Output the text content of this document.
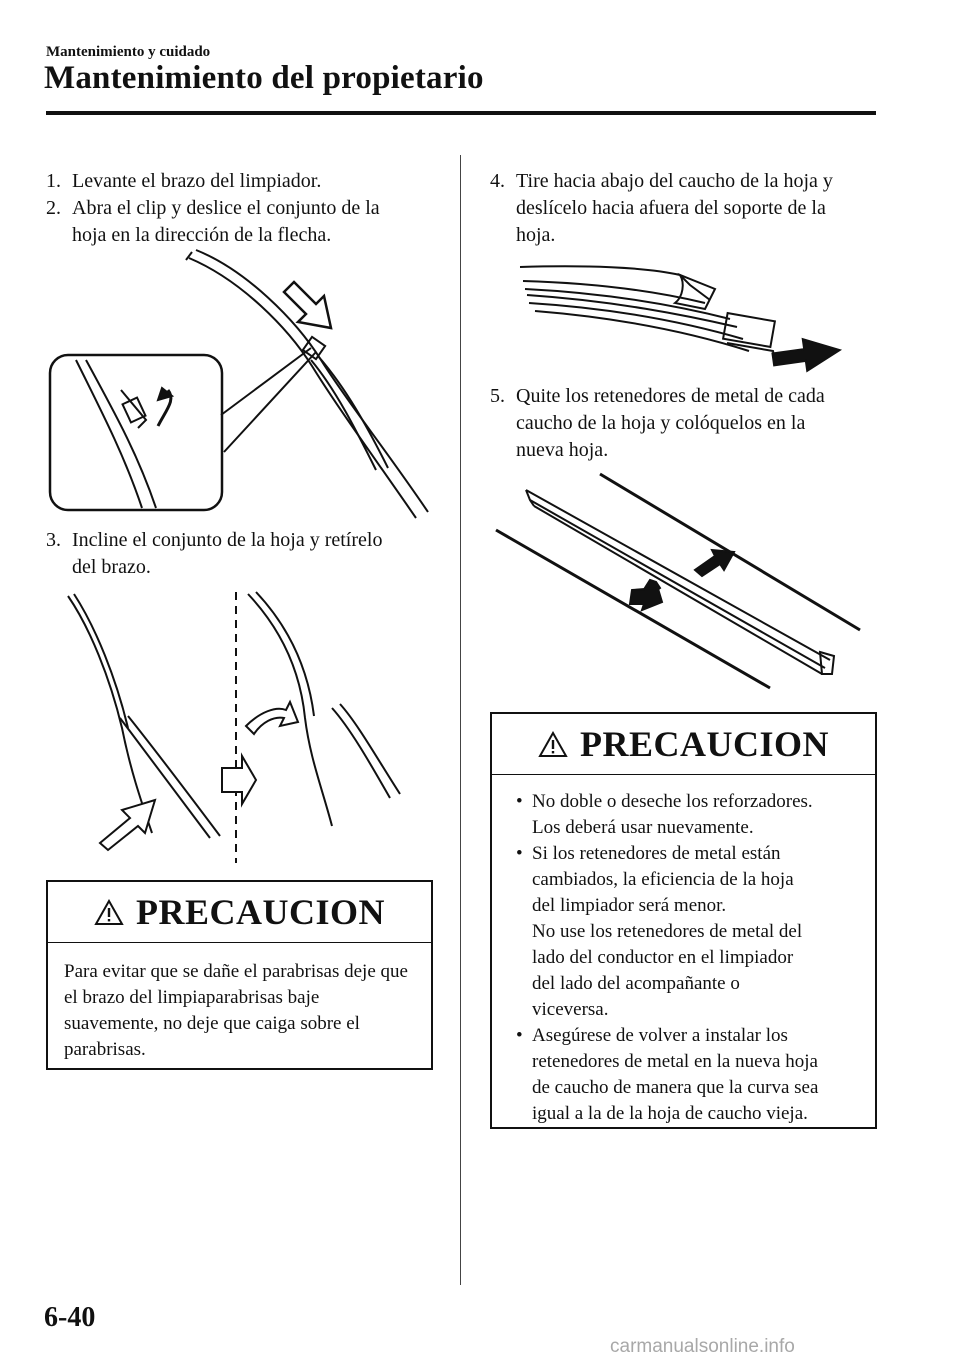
Mantenimiento y cuidado
Mantenimiento del propietario
1. Levante el brazo del limpiador.
2. Abra el clip y deslice el conjunto de la
hoja en la dirección de la flecha.
3. Incline el conjunto de la hoja y retírelo
del brazo.
PRECAUCION
Para evitar que se dañe el parabrisas deje que el brazo del limpiaparabrisas baje suavemente, no deje que caiga sobre el parabrisas.
4. Tire hacia abajo del caucho de la hoja y
deslícelo hacia afuera del soporte de la
hoja.
5. Quite los retenedores de metal de cada
caucho de la hoja y colóquelos en la
nueva hoja.
PRECAUCION
• No doble o deseche los reforzadores.
Los deberá usar nuevamente.
• Si los retenedores de metal están
cambiados, la eficiencia de la hoja
del limpiador será menor.
No use los retenedores de metal del
lado del conductor en el limpiador
del lado del acompañante o
viceversa.
• Asegúrese de volver a instalar los
retenedores de metal en la nueva hoja
de caucho de manera que la curva sea
igual a la de la hoja de caucho vieja.
6-40
carmanualsonline.info
